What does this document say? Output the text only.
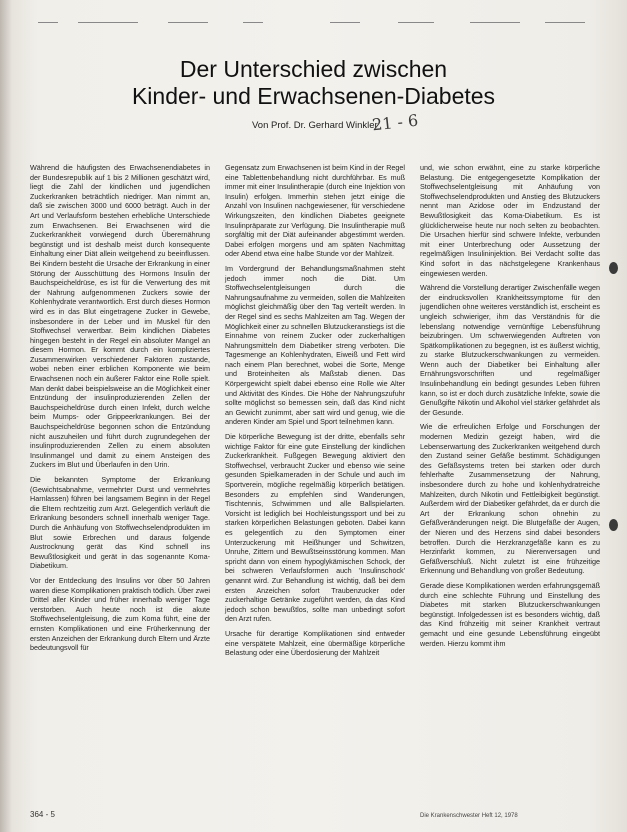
Der Unterschied zwischen
Kinder- und Erwachsenen-Diabetes
Von Prof. Dr. Gerhard Winkler
21 - 6

Während die häufigsten des Erwachsenendiabetes in der Bundesrepublik auf 1 bis 2 Millionen geschätzt wird, liegt die Zahl der kindlichen und jugendlichen Zuckerkranken beträchtlich niedriger. Man nimmt an, daß sie zwischen 3000 und 6000 beträgt. Auch in der Art und Verlaufsform bestehen erhebliche Unterschiede zum Erwachsenen. Bei Erwachsenen wird die Zuckerkrankheit vorwiegend durch Überernährung begünstigt und ist deshalb meist durch konsequente Einhaltung einer Diät allein weitgehend zu beeinflussen. Bei Kindern besteht die Ursache der Erkrankung in einer Störung der Ausschüttung des Hormons Insulin der Bauchspeicheldrüse, es ist für die Verwertung des mit der Nahrung aufgenommenen Zuckers sowie der Kohlenhydrate verantwortlich. Erst durch dieses Hormon wird es in das Blut eingetragene Zucker in Gewebe, insbesondere in der Leber und im Muskel für den Stoffwechsel verwertbar. Beim kindlichen Diabetes hingegen besteht in der Regel ein absoluter Mangel an diesem Hormon. Er kommt durch ein kompliziertes Zusammenwirken verschiedener Faktoren zustande, wobei neben einer erblichen Komponente wie beim Erwachsenen noch ein äußerer Faktor eine Rolle spielt. Man denkt dabei beispielsweise an die Möglichkeit einer Entzündung der insulinproduzierenden Zellen der Bauchspeicheldrüse durch einen Infekt, durch welche beim Mumps- oder Grippeerkrankungen. Bei der Bauchspeicheldrüse begonnen schon die Entzündung nicht auszuheilen und führt durch zugrundegehen der insulinproduzierenden Zellen zu einem absoluten Insulinmangel und damit zu einem Ansteigen des Zuckers im Blut und Überlaufen in den Urin.

Die bekannten Symptome der Erkrankung (Gewichtsabnahme, vermehrter Durst und vermehrtes Harnlassen) führen bei langsamem Beginn in der Regel die Eltern rechtzeitig zum Arzt. Gelegentlich verläuft die Erkrankung besonders schnell innerhalb weniger Tage. Durch die Anhäufung von Stoffwechselendprodukten im Blut sowie Erbrechen und daraus folgende Austrocknung gerät das Kind schnell ins Bewußtlosigkeit und gerät in das sogenannte Koma-Diabetikum.

Vor der Entdeckung des Insulins vor über 50 Jahren waren diese Komplikationen praktisch tödlich. Über zwei Drittel aller Kinder und früher innerhalb weniger Tage verstorben. Auch heute noch ist die akute Stoffwechselentgleisung, die zum Koma führt, eine der ernsten Komplikationen und eine Früherkennung der ersten Anzeichen der Erkrankung durch Eltern und Ärzte bedeutungsvoll für

Gegensatz zum Erwachsenen ist beim Kind in der Regel eine Tablettenbehandlung nicht durchführbar. Es muß immer mit einer Insulintherapie (durch eine Injektion von Insulin) erfolgen. Immerhin stehen jetzt einige die Anzahl von Insulinen nachgewiesener, für verschiedene Wirkungszeiten, den kindlichen Diabetes geeignete Insulinpräparate zur Verfügung. Die Insulintherapie muß sorgfältig mit der Diät aufeinander abgestimmt werden. Dabei erfolgen morgens und am späten Nachmittag oder Abend etwa eine halbe Stunde vor der Mahlzeit.

Im Vordergrund der Behandlungsmaßnahmen steht jedoch immer noch die Diät. Um Stoffwechselentgleisungen durch die Nahrungsaufnahme zu vermeiden, sollen die Mahlzeiten möglichst gleichmäßig über den Tag verteilt werden. In der Regel sind es sechs Mahlzeiten am Tag. Wegen der Möglichkeit einer zu schnellen Blutzuckeranstiegs ist die Einnahme von reinem Zucker oder zuckerhaltigen Nahrungsmitteln dem Diabetiker streng verboten. Die Tagesmenge an Kohlenhydraten, Eiweiß und Fett wird nach einem Plan berechnet, wobei die Sorte, Menge und Broteinheiten als Maßstab dienen. Das Körpergewicht spielt dabei ebenso eine Rolle wie Alter und Aktivität des Kindes. Die Höhe der Nahrungszufuhr sollte möglichst so bemessen sein, daß das Kind nicht an Gewicht zunimmt, aber satt wird und genug, wie die anderen Kinder am Spiel und Sport teilnehmen kann.

Die körperliche Bewegung ist der dritte, ebenfalls sehr wichtige Faktor für eine gute Einstellung der kindlichen Zuckerkrankheit. Fußgegen Bewegung aktiviert den Stoffwechsel, verbraucht Zucker und ebenso wie seine gesunden Spielkameraden in der Schule und auch im Sportverein, mögliche regelmäßig körperlich betätigen. Besonders zu empfehlen sind Wanderungen, Tischtennis, Schwimmen und alle Ballspielarten. Vorsicht ist lediglich bei Hochleistungssport und bei zu starken körperlichen Belastungen geboten. Dabei kann es gelegentlich zu den Symptomen einer Unterzuckerung mit Heißhunger und Schwitzen, Unruhe, Zittern und Bewußtseinsstörung kommen. Man spricht dann von einem hypoglykämischen Schock, der bei schweren Verlaufsformen auch 'Insulinschock' genannt wird. Zur Behandlung ist wichtig, daß bei dem ersten Anzeichen sofort Traubenzucker oder zuckerhaltige Getränke zugeführt werden, da das Kind jedoch schon bewußtlos, sollte man unbedingt sofort den Arzt rufen.

Ursache für derartige Komplikationen sind entweder eine verspätete Mahlzeit, eine übermäßige körperliche Belastung oder eine Überdosierung der Mahlzeit

und, wie schon erwähnt, eine zu starke körperliche Belastung. Die entgegengesetzte Komplikation der Stoffwechselentgleisung mit Anhäufung von Stoffwechselendprodukten und Anstieg des Blutzuckers nennt man Azidose oder im Endzustand der Bewußtlosigkeit das Koma-Diabetikum. Es ist glücklicherweise heute nur noch selten zu beobachten. Die Ursachen hierfür sind schwere Infekte, verbunden mit einer Unterbrechung oder Aussetzung der regelmäßigen Insulininjektion. Bei Verdacht sollte das Kind sofort in das nächstgelegene Krankenhaus eingewiesen werden.

Während die Vorstellung derartiger Zwischenfälle wegen der eindrucksvollen Krankheitssymptome für den jugendlichen ohne weiteres verständlich ist, erscheint es ungleich schwieriger, ihm das Verständnis für die lebenslang notwendige vernünftige Lebensführung beizubringen. Um schwerwiegenden Auftreten von Spätkomplikationen zu begegnen, ist es äußerst wichtig, zu starke Blutzuckerschwankungen zu vermeiden. Wenn auch der Diabetiker bei Einhaltung aller Ernährungsvorschriften und regelmäßiger Insulinbehandlung ein bedingt gesundes Leben führen kann, so ist er doch durch zusätzliche Infekte, sowie die Genußgifte Nikotin und Alkohol viel stärker gefährdet als der Gesunde.

Wie die erfreulichen Erfolge und Forschungen der modernen Medizin gezeigt haben, wird die Lebenserwartung des Zuckerkranken weitgehend durch den Zustand seiner Gefäße bestimmt. Schädigungen des Gefäßsystems treten bei starken oder durch fehlerhafte Zusammensetzung der Nahrung, insbesondere durch zu hohe und kohlenhydratreiche Mahlzeiten, durch Nikotin und Fettleibigkeit begünstigt. Außerdem wird der Diabetiker gefährdet, da er durch die Art der Erkrankung schon ohnehin zu Gefäßveränderungen neigt. Die Blutgefäße der Augen, der Nieren und des Herzens sind dabei besonders betroffen. Durch die Herzkranzgefäße kann es zu Herzinfarkt kommen, zu Nierenversagen und Gefäßverschluß. Nicht zuletzt ist eine frühzeitige Erkennung und Behandlung von großer Bedeutung.

Gerade diese Komplikationen werden erfahrungsgemäß durch eine schlechte Führung und Einstellung des Diabetes mit starken Blutzuckerschwankungen begünstigt. Infolgedessen ist es besonders wichtig, daß das Kind frühzeitig mit seiner Krankheit vertraut gemacht und eine gesunde Lebensführung eingeübt werden. Hierzu kommt ihm

364 - 5	Die Krankenschwester Heft 12, 1978
